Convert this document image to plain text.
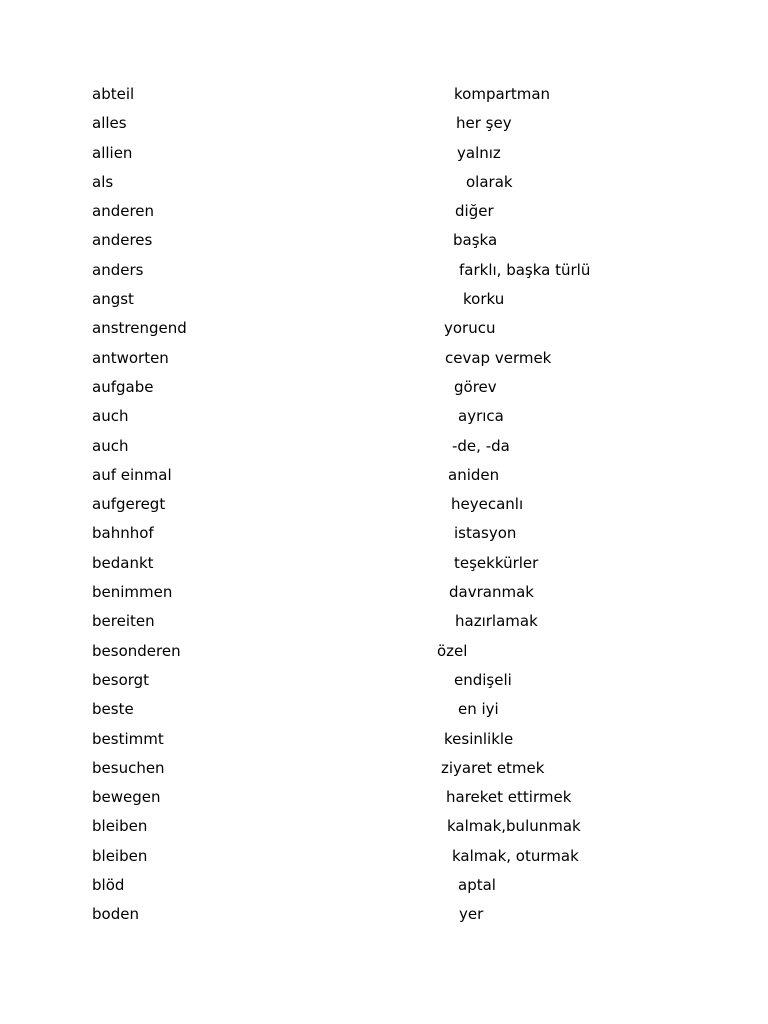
abteil	kompartman
alles	her şey
allien	yalnız
als	olarak
anderen	diğer
anderes	başka
anders	farklı, başka türlü
angst	korku
anstrengend	yorucu
antworten	cevap vermek
aufgabe	görev
auch	ayrıca
auch	-de, -da
auf einmal	aniden
aufgeregt	heyecanlı
bahnhof	istasyon
bedankt	teşekkürler
benimmen	davranmak
bereiten	hazırlamak
besonderen	özel
besorgt	endişeli
beste	en iyi
bestimmt	kesinlikle
besuchen	ziyaret etmek
bewegen	hareket ettirmek
bleiben	kalmak,bulunmak
bleiben	kalmak, oturmak
blöd	aptal
boden	yer
